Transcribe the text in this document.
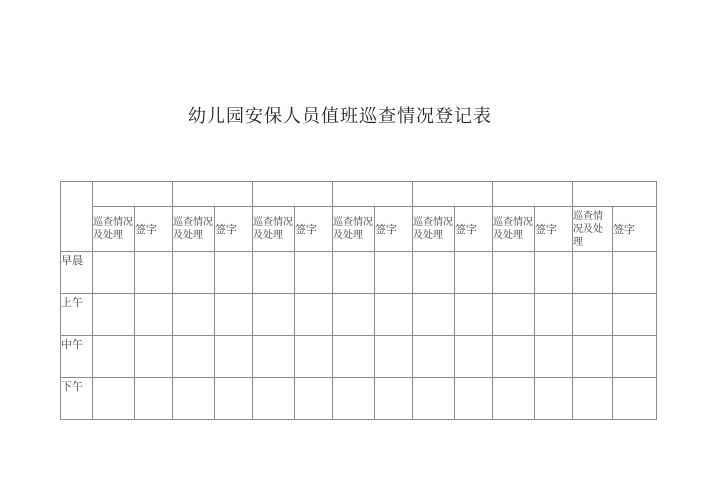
幼儿园安保人员值班巡查情况登记表

	巡查情况及处理	签字	巡查情况及处理	签字	巡查情况及处理	签字	巡查情况及处理	签字	巡查情况及处理	签字	巡查情况及处理	签字	巡查情况及处理	签字
早晨														
上午														
中午														
下午														
